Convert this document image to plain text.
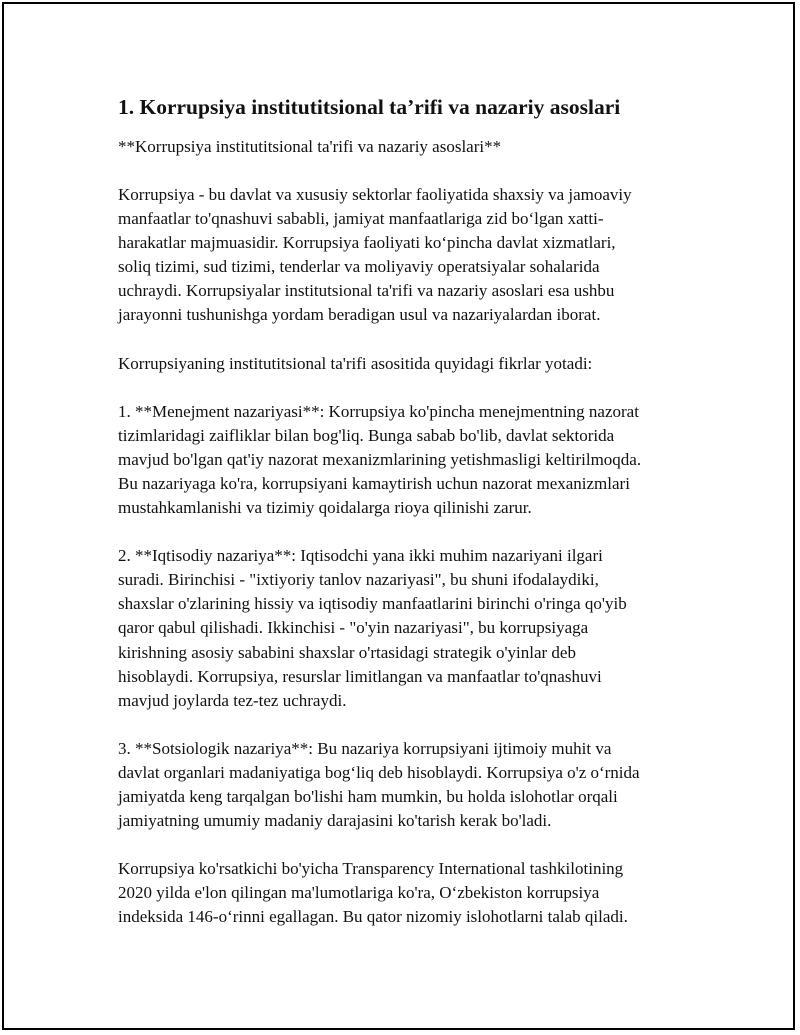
1. Korrupsiya institutitsional ta’rifi va nazariy asoslari

**Korrupsiya institutitsional ta'rifi va nazariy asoslari**

Korrupsiya - bu davlat va xususiy sektorlar faoliyatida shaxsiy va jamoaviy
manfaatlar to'qnashuvi sababli, jamiyat manfaatlariga zid bo‘lgan xatti-
harakatlar majmuasidir. Korrupsiya faoliyati ko‘pincha davlat xizmatlari,
soliq tizimi, sud tizimi, tenderlar va moliyaviy operatsiyalar sohalarida
uchraydi. Korrupsiyalar institutsional ta'rifi va nazariy asoslari esa ushbu
jarayonni tushunishga yordam beradigan usul va nazariyalardan iborat.

Korrupsiyaning institutitsional ta'rifi asositida quyidagi fikrlar yotadi:

1. **Menejment nazariyasi**: Korrupsiya ko'pincha menejmentning nazorat
tizimlaridagi zaifliklar bilan bog'liq. Bunga sabab bo'lib, davlat sektorida
mavjud bo'lgan qat'iy nazorat mexanizmlarining yetishmasligi keltirilmoqda.
Bu nazariyaga ko'ra, korrupsiyani kamaytirish uchun nazorat mexanizmlari
mustahkamlanishi va tizimiy qoidalarga rioya qilinishi zarur.

2. **Iqtisodiy nazariya**: Iqtisodchi yana ikki muhim nazariyani ilgari
suradi. Birinchisi - "ixtiyoriy tanlov nazariyasi", bu shuni ifodalaydiki,
shaxslar o'zlarining hissiy va iqtisodiy manfaatlarini birinchi o'ringa qo'yib
qaror qabul qilishadi. Ikkinchisi - "o'yin nazariyasi", bu korrupsiyaga
kirishning asosiy sababini shaxslar o'rtasidagi strategik o'yinlar deb
hisoblaydi. Korrupsiya, resurslar limitlangan va manfaatlar to'qnashuvi
mavjud joylarda tez-tez uchraydi.

3. **Sotsiologik nazariya**: Bu nazariya korrupsiyani ijtimoiy muhit va
davlat organlari madaniyatiga bog‘liq deb hisoblaydi. Korrupsiya o'z o‘rnida
jamiyatda keng tarqalgan bo'lishi ham mumkin, bu holda islohotlar orqali
jamiyatning umumiy madaniy darajasini ko'tarish kerak bo'ladi.

Korrupsiya ko'rsatkichi bo'yicha Transparency International tashkilotining
2020 yilda e'lon qilingan ma'lumotlariga ko'ra, O‘zbekiston korrupsiya
indeksida 146-o‘rinni egallagan. Bu qator nizomiy islohotlarni talab qiladi.
